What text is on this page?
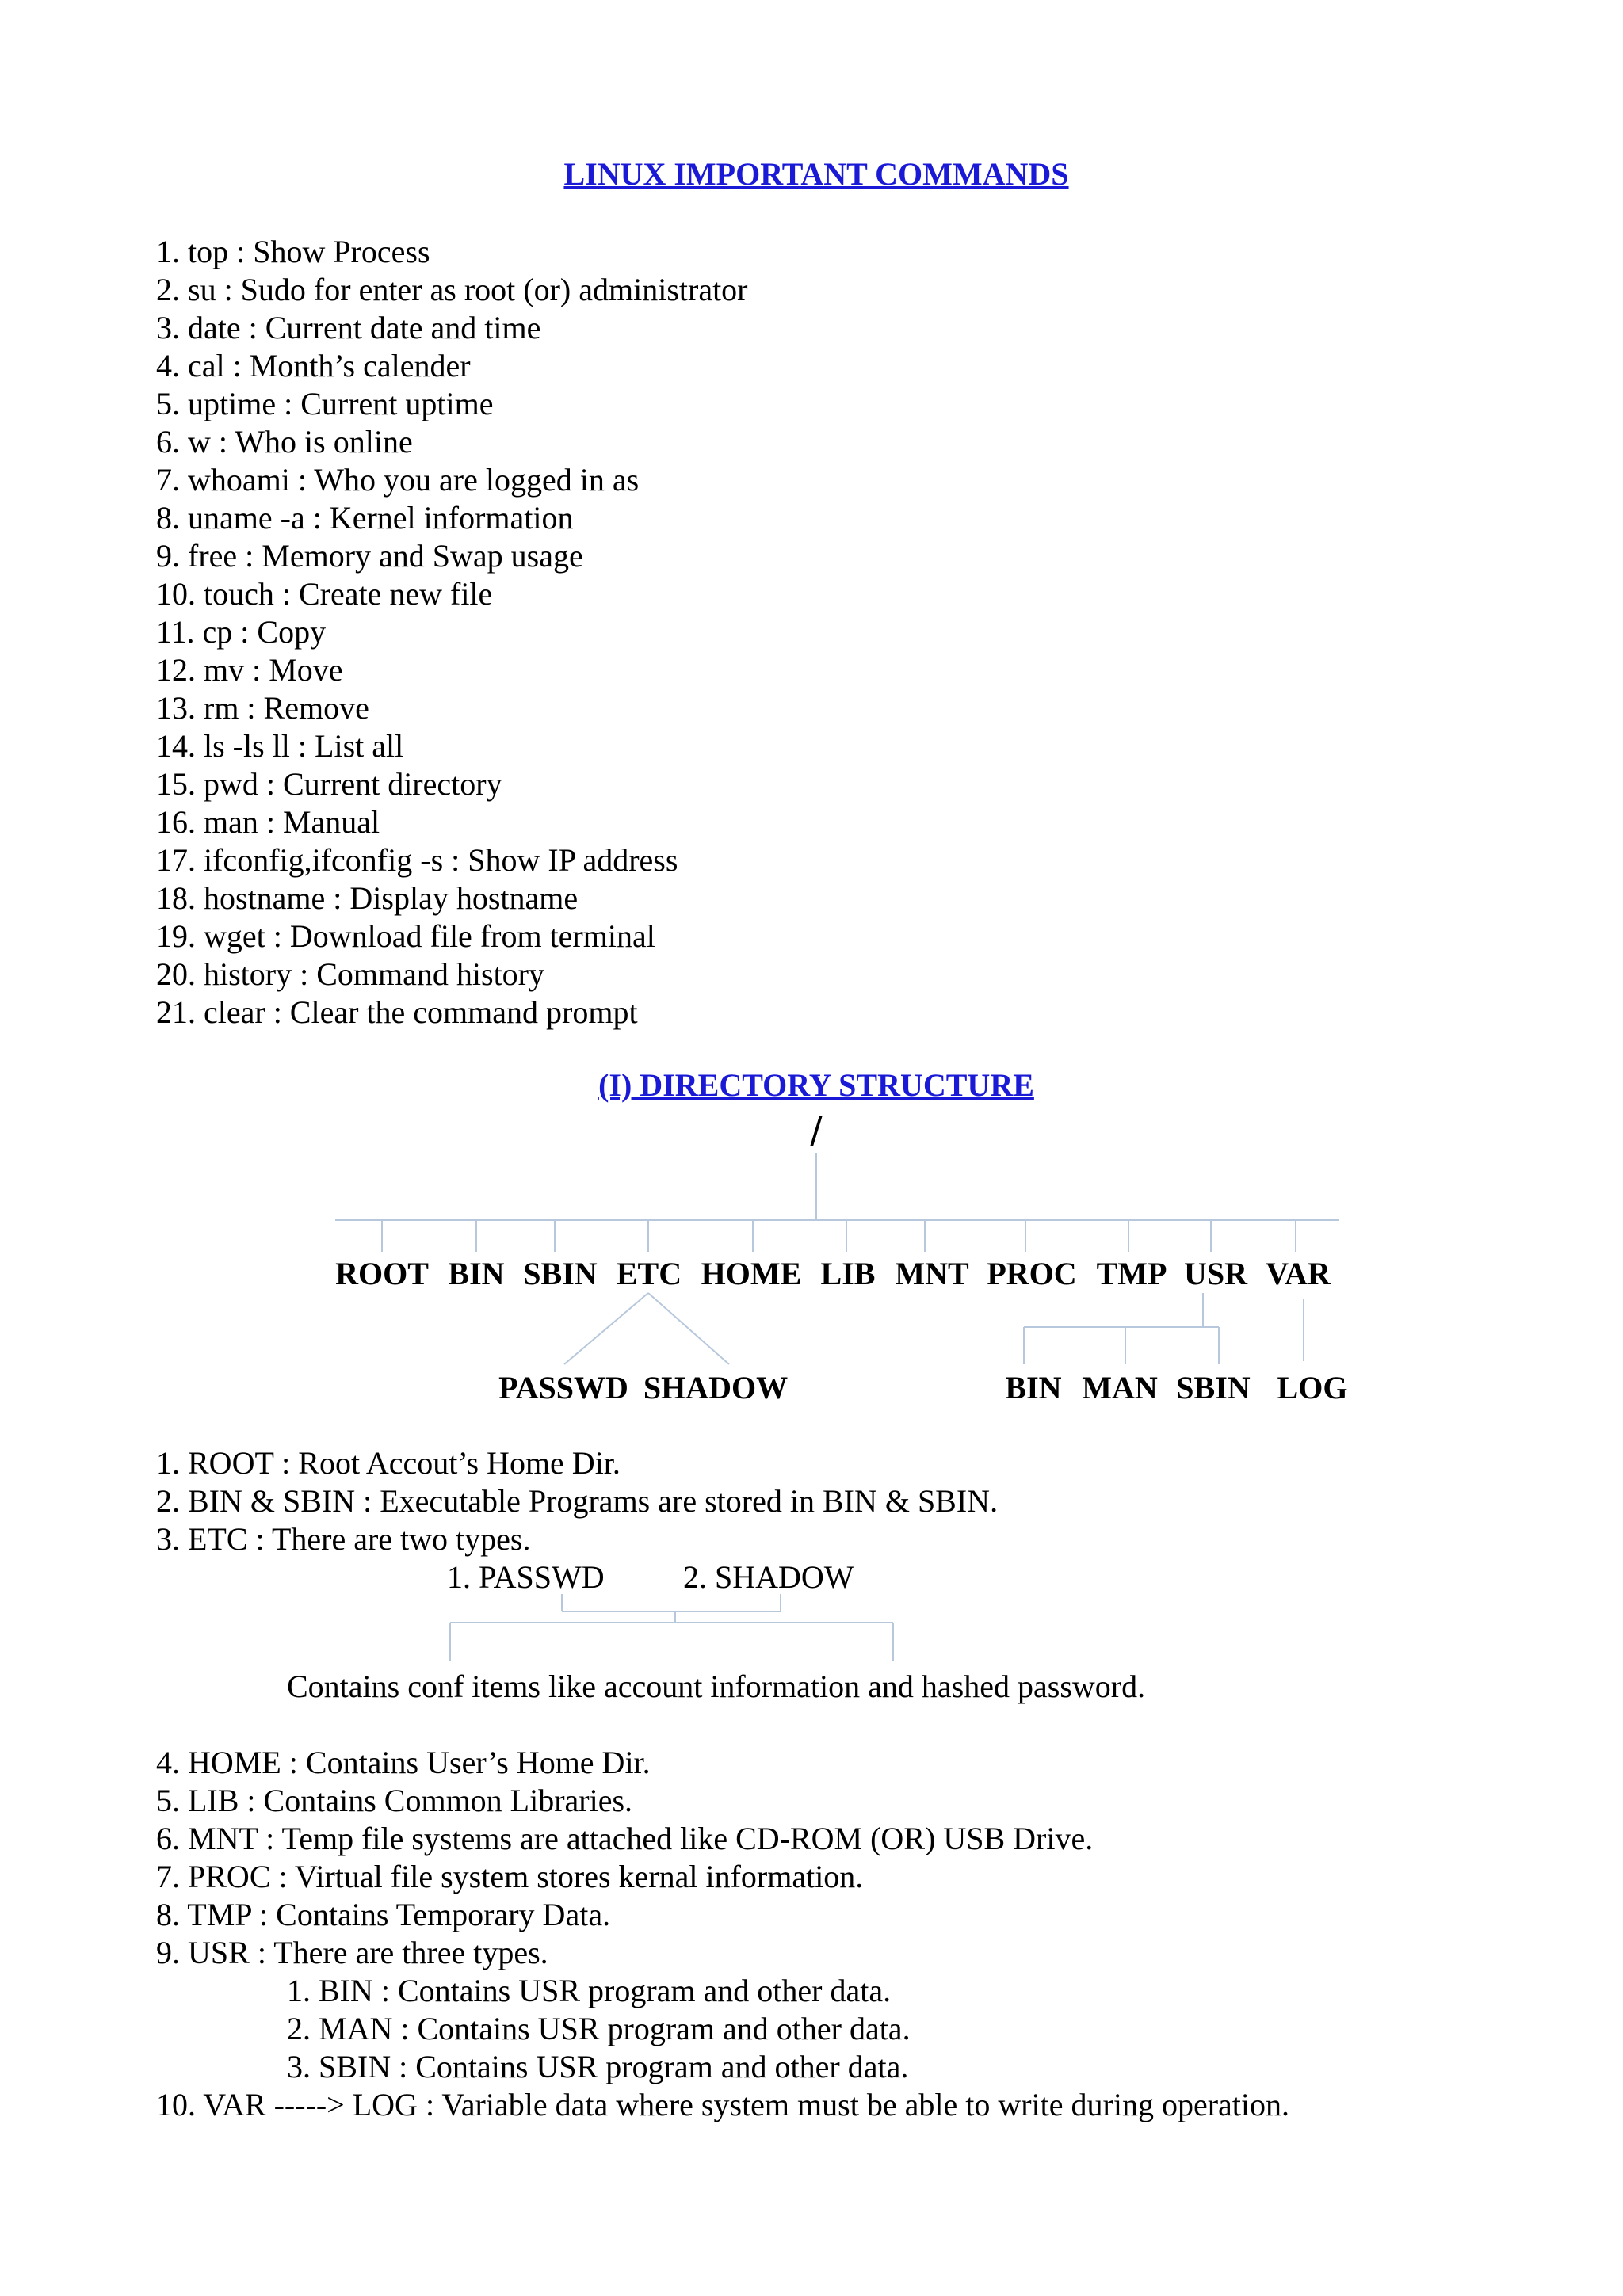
LINUX IMPORTANT COMMANDS
1. top : Show Process
2. su : Sudo for enter as root (or) administrator
3. date : Current date and time
4. cal : Month’s calender
5. uptime : Current uptime
6. w : Who is online
7. whoami : Who you are logged in as
8. uname -a : Kernel information
9. free : Memory and Swap usage
10. touch : Create new file
11. cp : Copy
12. mv : Move
13. rm : Remove
14. ls -ls ll : List all
15. pwd : Current directory
16. man : Manual
17. ifconfig,ifconfig -s : Show IP address
18. hostname : Display hostname
19. wget : Download file from terminal
20. history : Command history
21. clear : Clear the command prompt
(I) DIRECTORY STRUCTURE
/
ROOT BIN SBIN ETC HOME LIB MNT PROC TMP USR VAR
PASSWD SHADOW	BIN MAN SBIN LOG
1. ROOT : Root Accout’s Home Dir.
2. BIN & SBIN : Executable Programs are stored in BIN & SBIN.
3. ETC : There are two types.
1. PASSWD 2. SHADOW
Contains conf items like account information and hashed password.
4. HOME : Contains User’s Home Dir.
5. LIB : Contains Common Libraries.
6. MNT : Temp file systems are attached like CD-ROM (OR) USB Drive.
7. PROC : Virtual file system stores kernal information.
8. TMP : Contains Temporary Data.
9. USR : There are three types.
1. BIN : Contains USR program and other data.
2. MAN : Contains USR program and other data.
3. SBIN : Contains USR program and other data.
10. VAR -----> LOG : Variable data where system must be able to write during operation.
